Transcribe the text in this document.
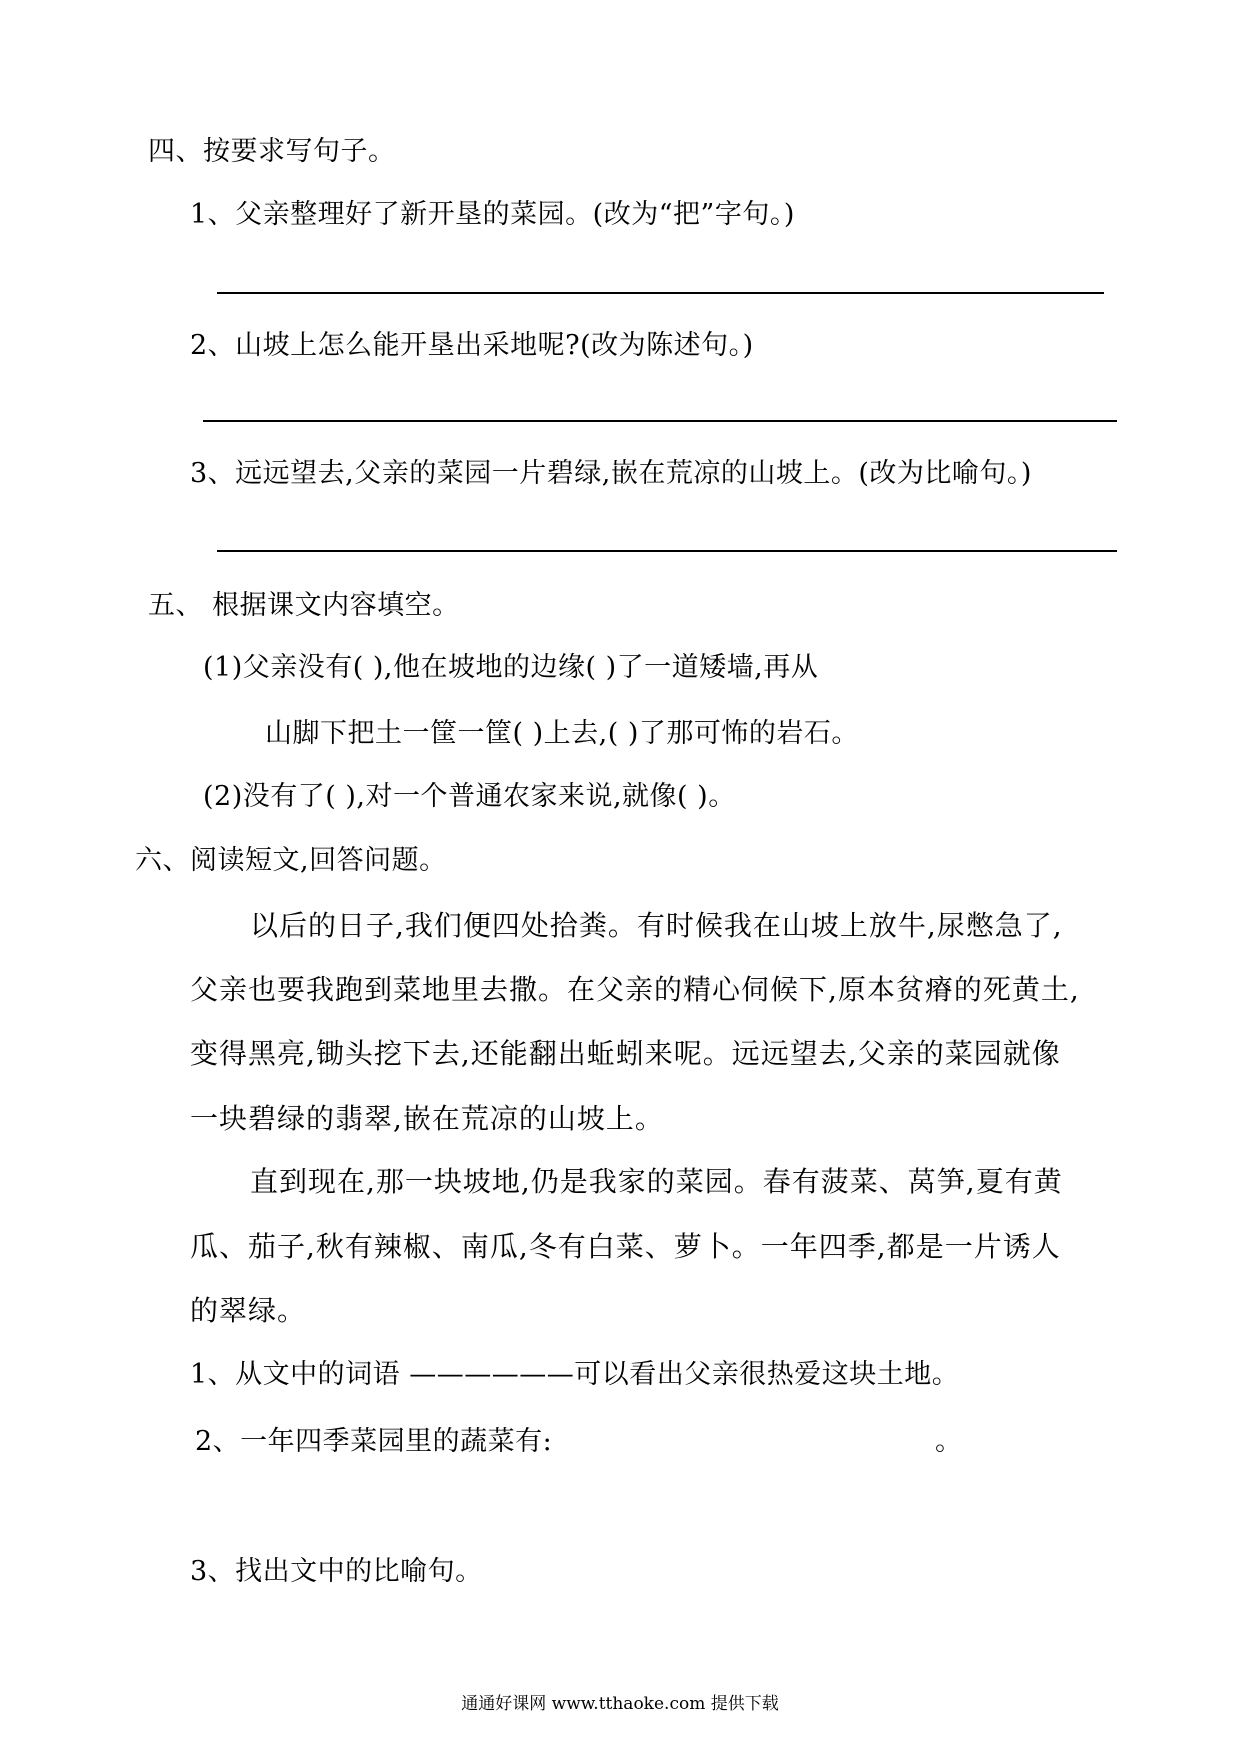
四、按要求写句子。
1、父亲整理好了新开垦的菜园。(改为“把”字句。)
2、山坡上怎么能开垦出采地呢?(改为陈述句。)
3、远远望去,父亲的菜园一片碧绿,嵌在荒凉的山坡上。(改为比喻句。)
五、 根据课文内容填空。
(1)父亲没有( ),他在坡地的边缘( )了一道矮墙,再从
山脚下把土一筐一筐( )上去,( )了那可怖的岩石。
(2)没有了( ),对一个普通农家来说,就像( )。
六、阅读短文,回答问题。
以后的日子,我们便四处拾粪。有时候我在山坡上放牛,尿憋急了,
父亲也要我跑到菜地里去撒。在父亲的精心伺候下,原本贫瘠的死黄土,
变得黑亮,锄头挖下去,还能翻出蚯蚓来呢。远远望去,父亲的菜园就像
一块碧绿的翡翠,嵌在荒凉的山坡上。
直到现在,那一块坡地,仍是我家的菜园。春有菠菜、莴笋,夏有黄
瓜、茄子,秋有辣椒、南瓜,冬有白菜、萝卜。一年四季,都是一片诱人
的翠绿。
1、从文中的词语 ——————可以看出父亲很热爱这块土地。
2、一年四季菜园里的蔬菜有:	。
3、找出文中的比喻句。
通通好课网 www.tthaoke.com 提供下载
